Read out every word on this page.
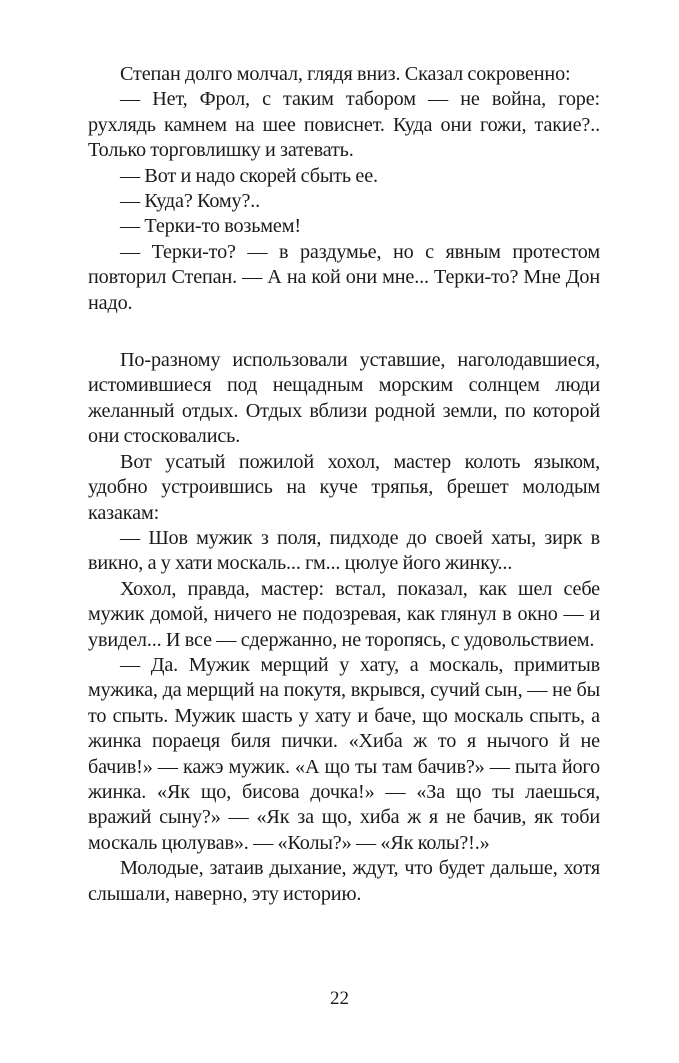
Степан долго молчал, глядя вниз. Сказал сокровенно:

— Нет, Фрол, с таким табором — не война, горе: рухлядь камнем на шее повиснет. Куда они гожи, такие?.. Только торговлишку и затевать.

— Вот и надо скорей сбыть ее.

— Куда? Кому?..

— Терки-то возьмем!

— Терки-то? — в раздумье, но с явным протестом повторил Степан. — А на кой они мне... Терки-то? Мне Дон надо.

По-разному использовали уставшие, наголодавшиеся, истомившиеся под нещадным морским солнцем люди желанный отдых. Отдых вблизи родной земли, по которой они стосковались.

Вот усатый пожилой хохол, мастер колоть языком, удобно устроившись на куче тряпья, брешет молодым казакам:

— Шов мужик з поля, пидходе до своей хаты, зирк в викно, а у хати москаль... гм... цюлуе його жинку...

Хохол, правда, мастер: встал, показал, как шел себе мужик домой, ничего не подозревая, как глянул в окно — и увидел... И все — сдержанно, не торопясь, с удовольствием.

— Да. Мужик мерщий у хату, а москаль, примитыв мужика, да мерщий на покутя, вкрывся, сучий сын, — не бы то спыть. Мужик шасть у хату и баче, що москаль спыть, а жинка пораеця биля пички. «Хиба ж то я нычого й не бачив!» — кажэ мужик. «А що ты там бачив?» — пыта його жинка. «Як що, бисова дочка!» — «За що ты лаешься, вражий сыну?» — «Як за що, хиба ж я не бачив, як тоби москаль цюлував». — «Колы?» — «Як колы?!.»

Молодые, затаив дыхание, ждут, что будет дальше, хотя слышали, наверно, эту историю.

22
